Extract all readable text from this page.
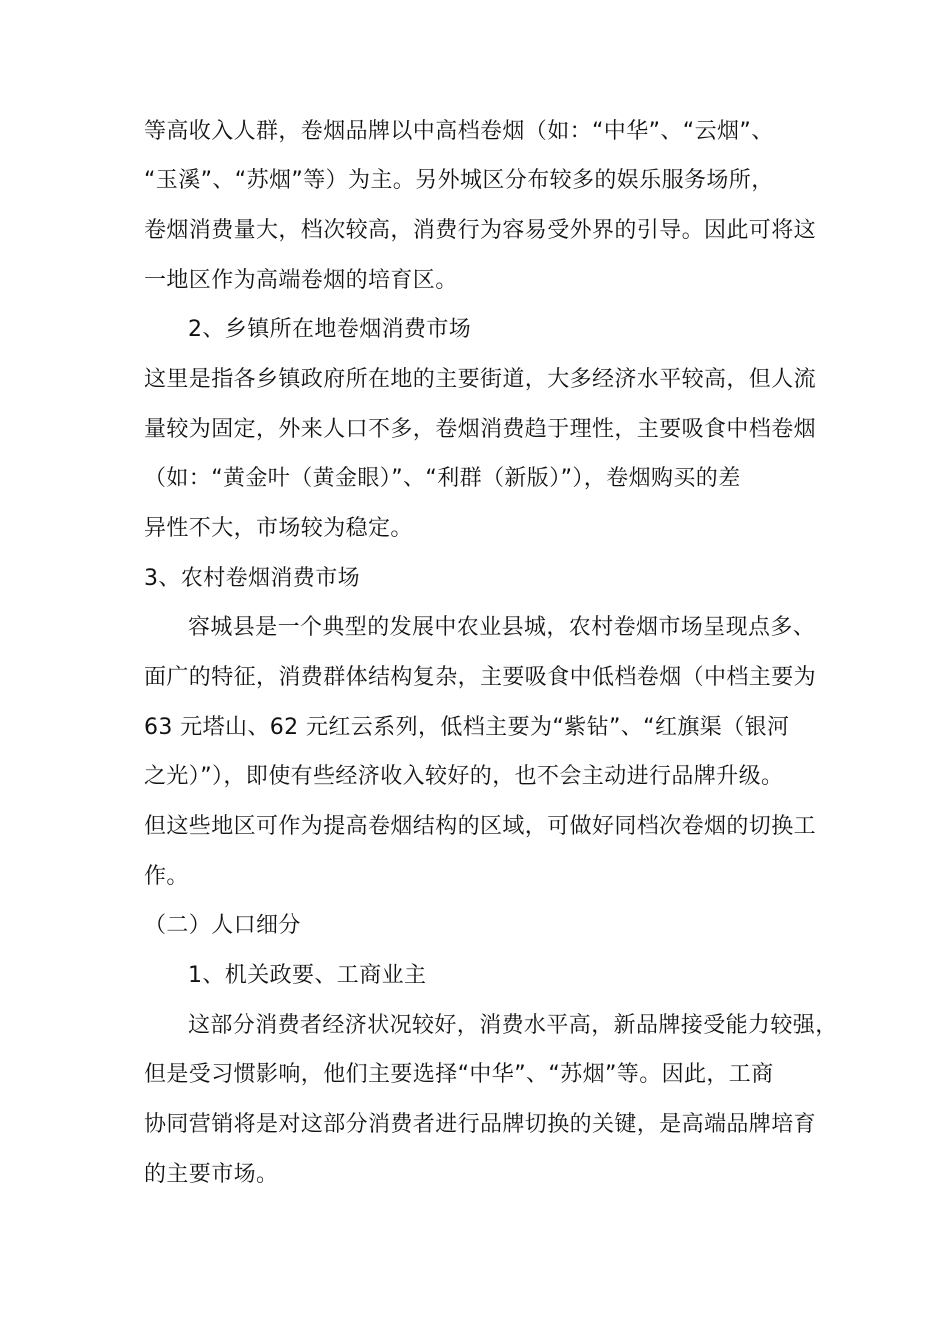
等高收入人群，卷烟品牌以中高档卷烟（如：“中华”、“云烟”、
“玉溪”、“苏烟”等）为主。另外城区分布较多的娱乐服务场所，
卷烟消费量大，档次较高，消费行为容易受外界的引导。因此可将这
一地区作为高端卷烟的培育区。
2、乡镇所在地卷烟消费市场
这里是指各乡镇政府所在地的主要街道，大多经济水平较高，但人流
量较为固定，外来人口不多，卷烟消费趋于理性，主要吸食中档卷烟
（如：“黄金叶（黄金眼）”、“利群（新版）”），卷烟购买的差
异性不大，市场较为稳定。
3、农村卷烟消费市场
容城县是一个典型的发展中农业县城，农村卷烟市场呈现点多、
面广的特征，消费群体结构复杂，主要吸食中低档卷烟（中档主要为
63 元塔山、62 元红云系列，低档主要为“紫钻”、“红旗渠（银河
之光）”），即使有些经济收入较好的，也不会主动进行品牌升级。
但这些地区可作为提高卷烟结构的区域，可做好同档次卷烟的切换工
作。
（二）人口细分
1、机关政要、工商业主
这部分消费者经济状况较好，消费水平高，新品牌接受能力较强，
但是受习惯影响，他们主要选择“中华”、“苏烟”等。因此，工商
协同营销将是对这部分消费者进行品牌切换的关键，是高端品牌培育
的主要市场。
